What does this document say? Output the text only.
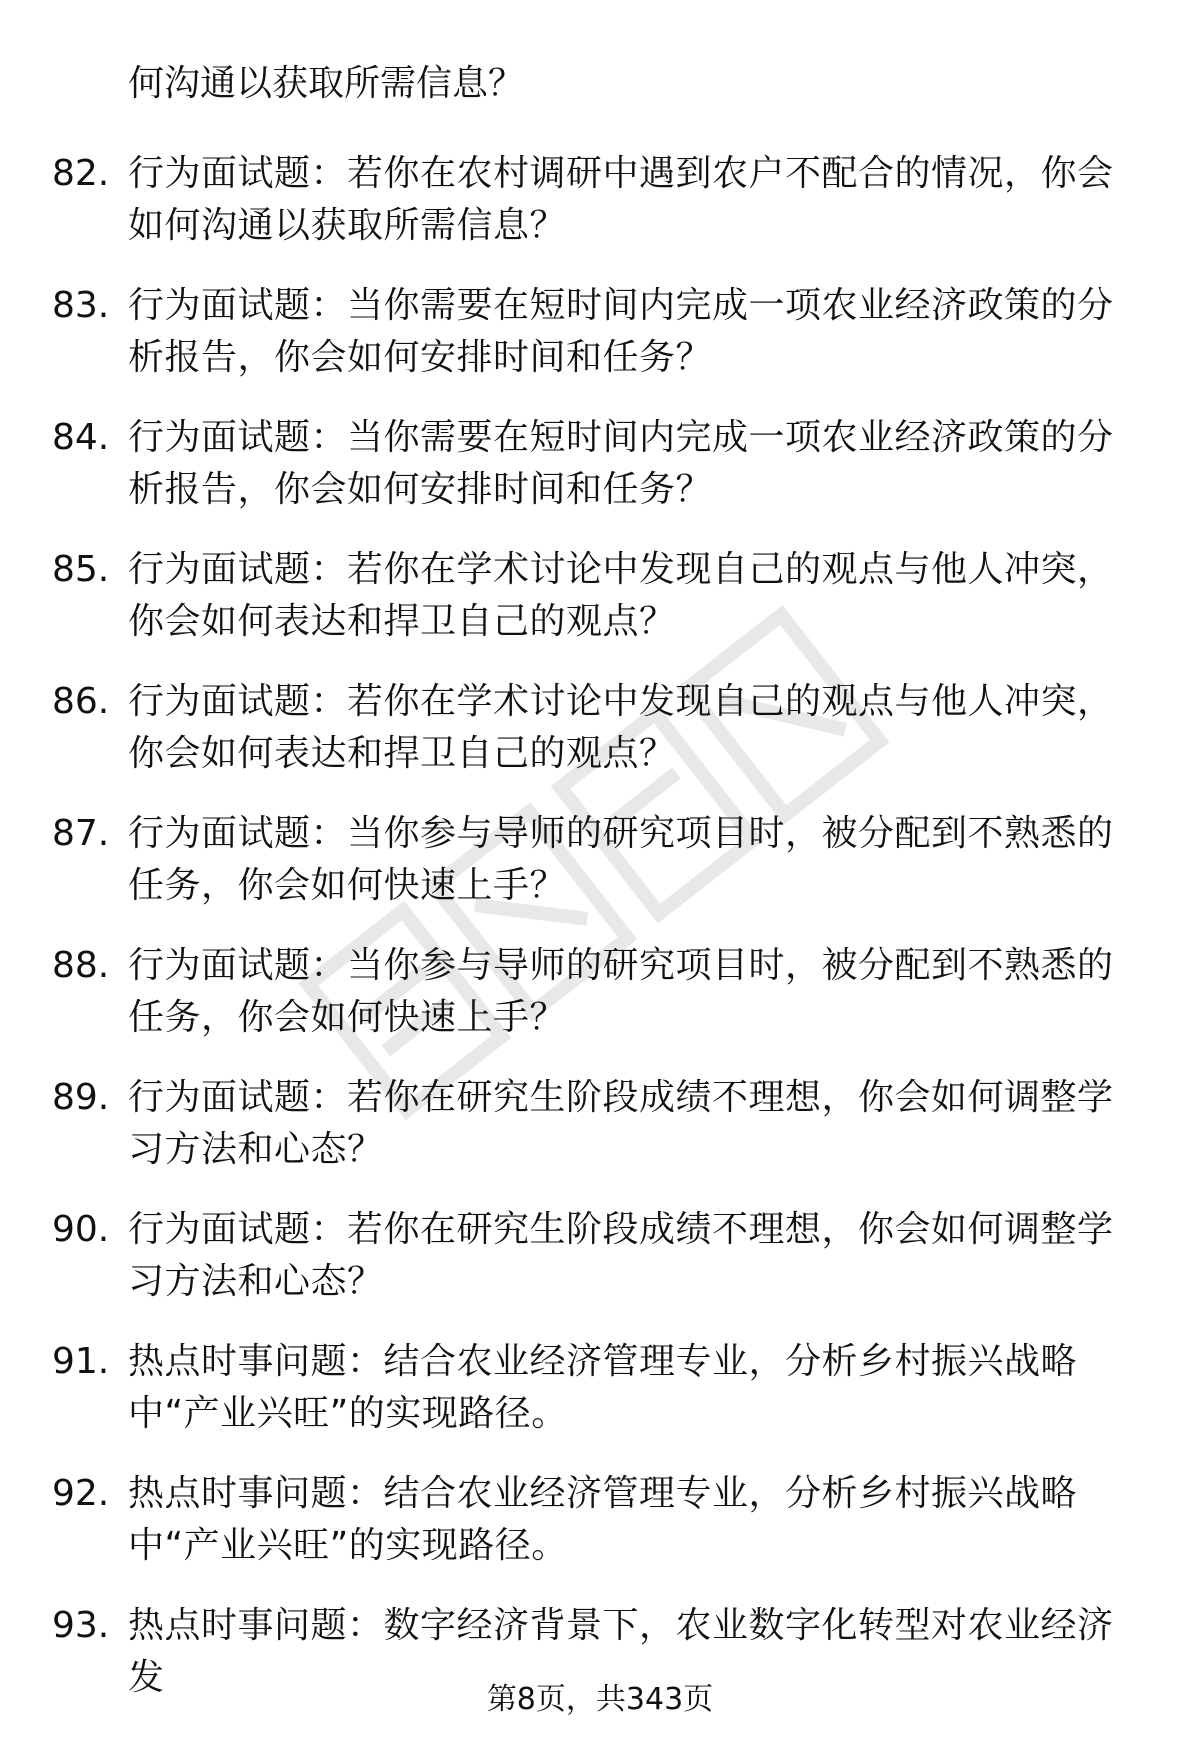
何沟通以获取所需信息？
82. 行为面试题：若你在农村调研中遇到农户不配合的情况，你会如何沟通以获取所需信息？
83. 行为面试题：当你需要在短时间内完成一项农业经济政策的分析报告，你会如何安排时间和任务？
84. 行为面试题：当你需要在短时间内完成一项农业经济政策的分析报告，你会如何安排时间和任务？
85. 行为面试题：若你在学术讨论中发现自己的观点与他人冲突，你会如何表达和捍卫自己的观点？
86. 行为面试题：若你在学术讨论中发现自己的观点与他人冲突，你会如何表达和捍卫自己的观点？
87. 行为面试题：当你参与导师的研究项目时，被分配到不熟悉的任务，你会如何快速上手？
88. 行为面试题：当你参与导师的研究项目时，被分配到不熟悉的任务，你会如何快速上手？
89. 行为面试题：若你在研究生阶段成绩不理想，你会如何调整学习方法和心态？
90. 行为面试题：若你在研究生阶段成绩不理想，你会如何调整学习方法和心态？
91. 热点时事问题：结合农业经济管理专业，分析乡村振兴战略中“产业兴旺”的实现路径。
92. 热点时事问题：结合农业经济管理专业，分析乡村振兴战略中“产业兴旺”的实现路径。
93. 热点时事问题：数字经济背景下，农业数字化转型对农业经济发
第8页，共343页
